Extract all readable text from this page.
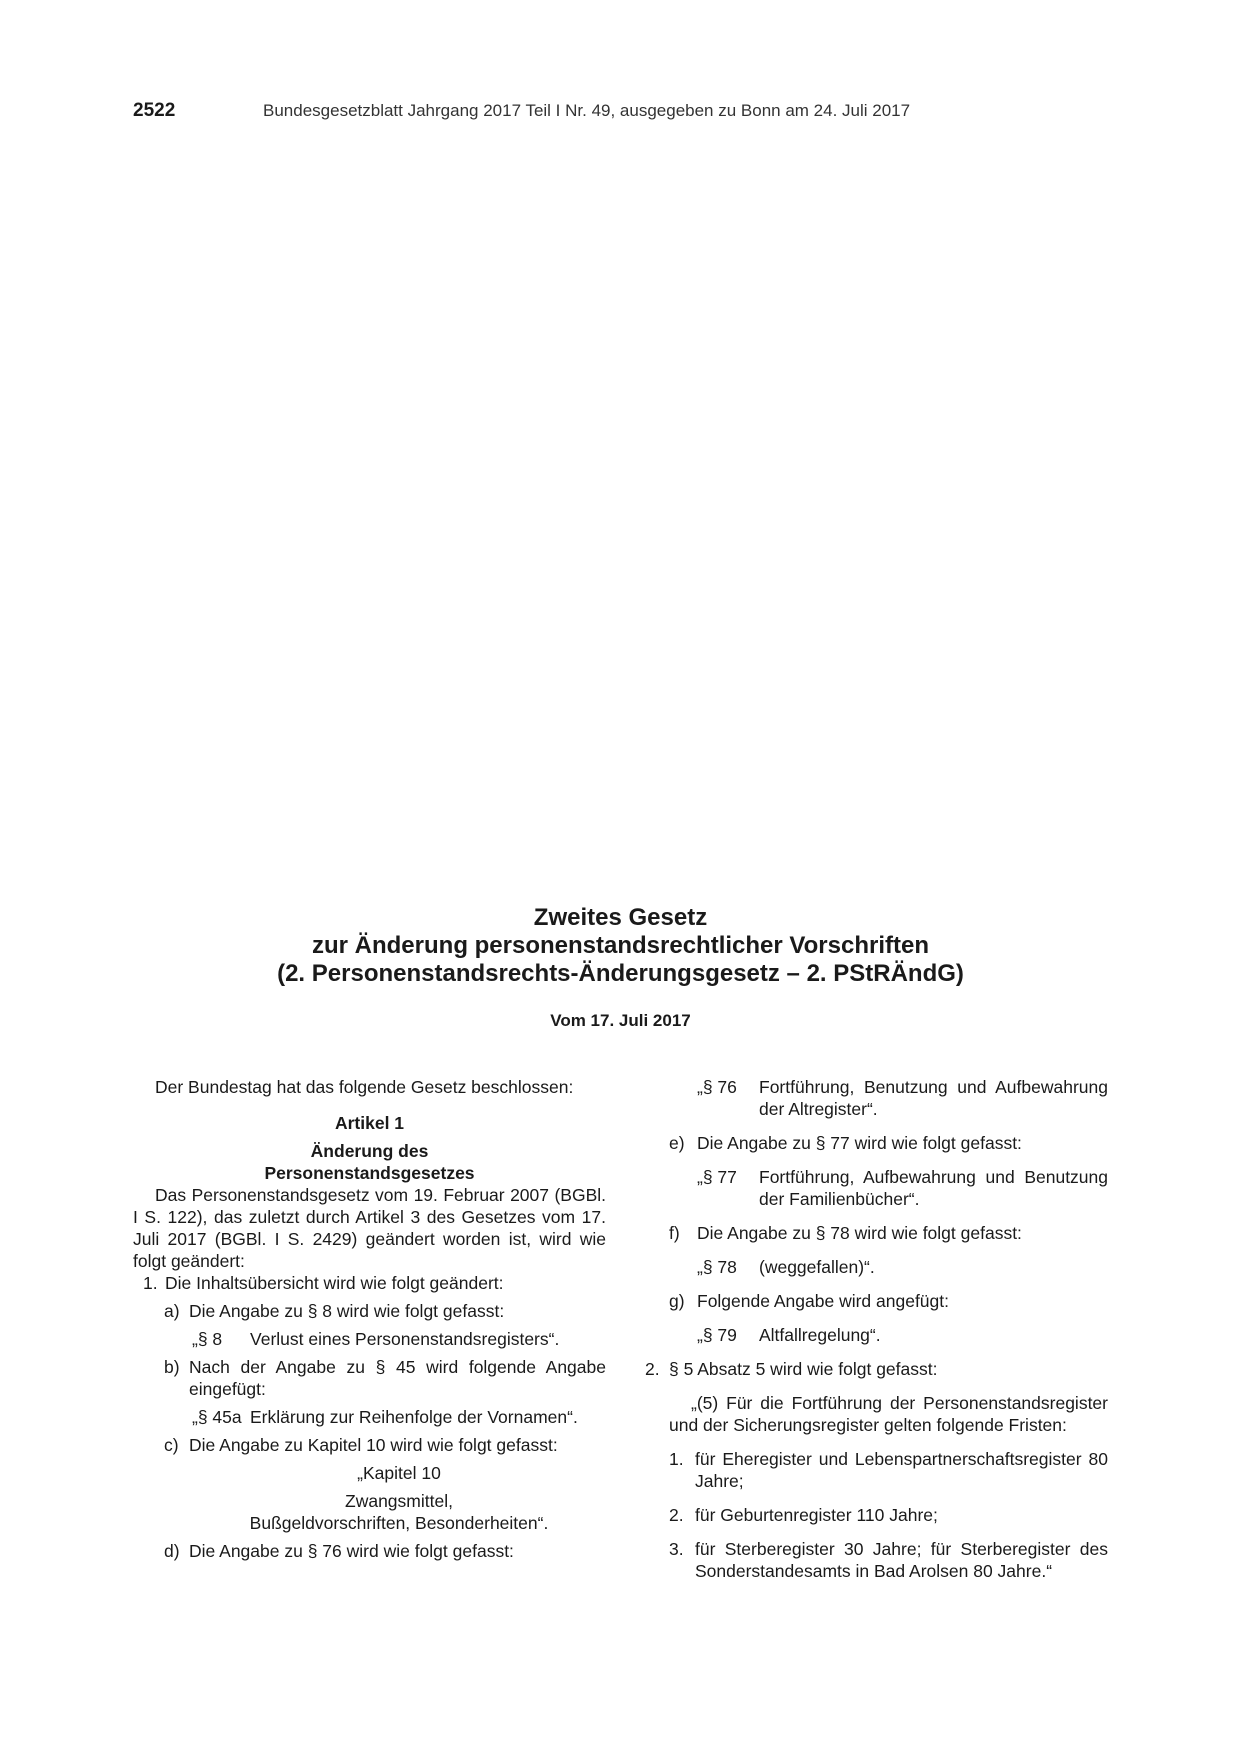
2522	Bundesgesetzblatt Jahrgang 2017 Teil I Nr. 49, ausgegeben zu Bonn am 24. Juli 2017
Zweites Gesetz
zur Änderung personenstandsrechtlicher Vorschriften
(2. Personenstandsrechts-Änderungsgesetz – 2. PStRÄndG)
Vom 17. Juli 2017

Der Bundestag hat das folgende Gesetz beschlossen:

Artikel 1

Änderung des

Personenstandsgesetzes

Das Personenstandsgesetz vom 19. Februar 2007 (BGBl. I S. 122), das zuletzt durch Artikel 3 des Gesetzes vom 17. Juli 2017 (BGBl. I S. 2429) geändert worden ist, wird wie folgt geändert:

1. Die Inhaltsübersicht wird wie folgt geändert:
a) Die Angabe zu § 8 wird wie folgt gefasst:
„§ 8	Verlust eines Personenstandsregisters“.
b) Nach der Angabe zu § 45 wird folgende Angabe eingefügt:
„§ 45a Erklärung zur Reihenfolge der Vornamen“.
c) Die Angabe zu Kapitel 10 wird wie folgt gefasst:

„Kapitel 10

Zwangsmittel,

Bußgeldvorschriften, Besonderheiten“.

d) Die Angabe zu § 76 wird wie folgt gefasst:
„§ 76	Fortführung, Benutzung und Aufbewahrung der Altregister“.
e) Die Angabe zu § 77 wird wie folgt gefasst:
„§ 77	Fortführung, Aufbewahrung und Benutzung der Familienbücher“.
f) Die Angabe zu § 78 wird wie folgt gefasst:
„§ 78	(weggefallen)“.
g) Folgende Angabe wird angefügt:
„§ 79	Altfallregelung“.
2. § 5 Absatz 5 wird wie folgt gefasst:

„(5) Für die Fortführung der Personenstandsregister und der Sicherungsregister gelten folgende Fristen:

1. für Eheregister und Lebenspartnerschaftsregister 80 Jahre;
2. für Geburtenregister 110 Jahre;
3. für Sterberegister 30 Jahre; für Sterberegister des Sonderstandesamts in Bad Arolsen 80 Jahre.“
